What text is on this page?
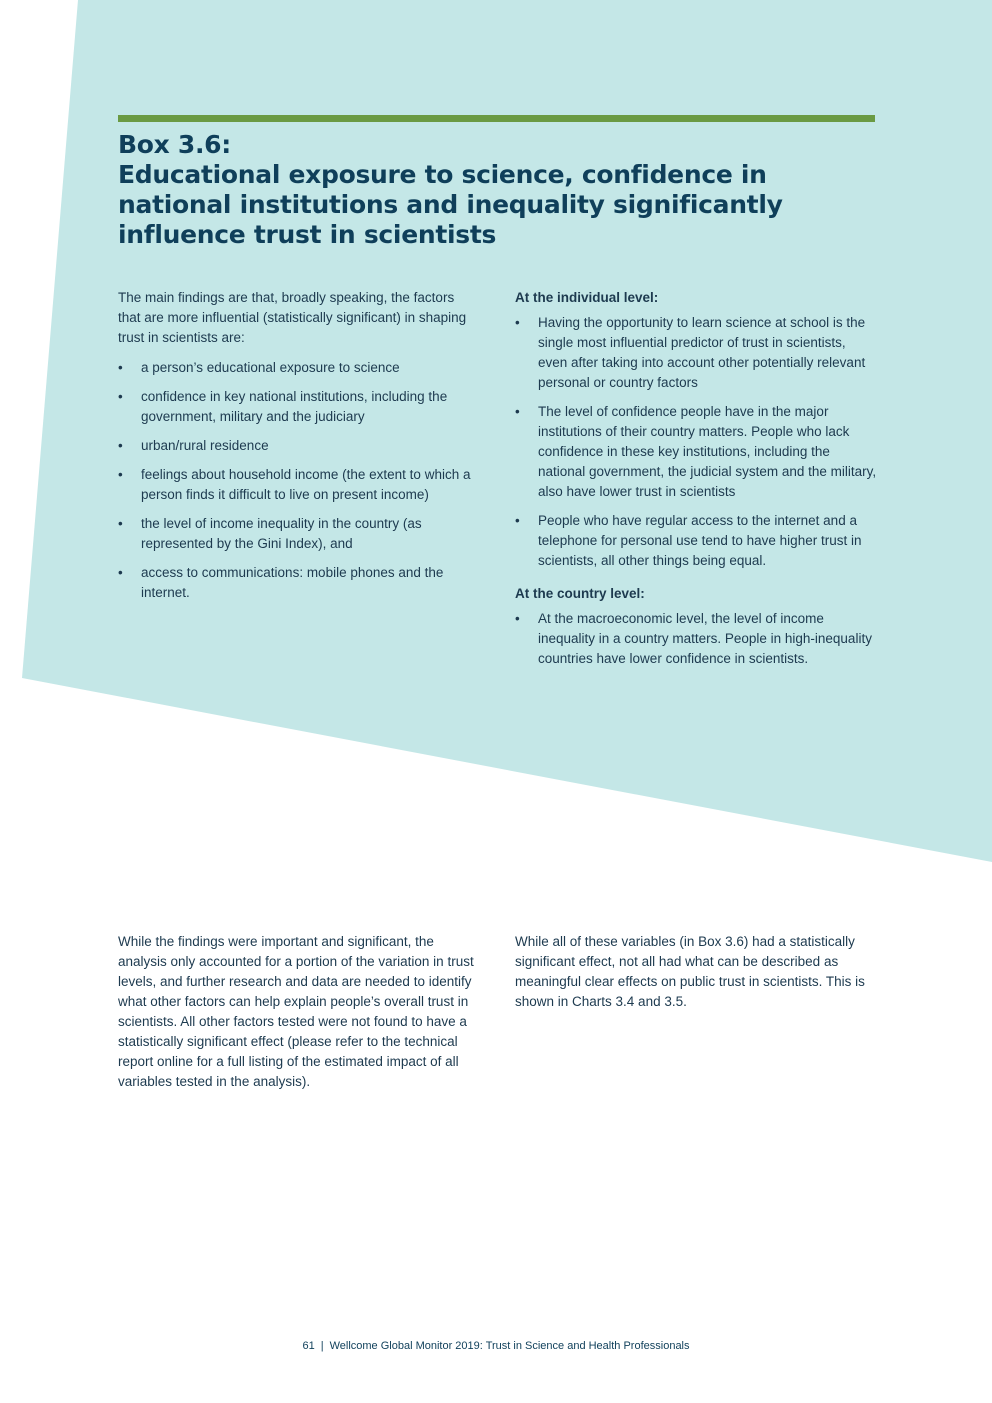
Box 3.6:
Educational exposure to science, confidence in
national institutions and inequality significantly
influence trust in scientists

The main findings are that, broadly speaking, the factors that are more influential (statistically significant) in shaping trust in scientists are:

• a person’s educational exposure to science
• confidence in key national institutions, including the government, military and the judiciary
• urban/rural residence
• feelings about household income (the extent to which a person finds it difficult to live on present income)
• the level of income inequality in the country (as represented by the Gini Index), and
• access to communications: mobile phones and the internet.

At the individual level:

• Having the opportunity to learn science at school is the single most influential predictor of trust in scientists, even after taking into account other potentially relevant personal or country factors
• The level of confidence people have in the major institutions of their country matters. People who lack confidence in these key institutions, including the national government, the judicial system and the military, also have lower trust in scientists
• People who have regular access to the internet and a telephone for personal use tend to have higher trust in scientists, all other things being equal.

At the country level:

• At the macroeconomic level, the level of income inequality in a country matters. People in high-inequality countries have lower confidence in scientists.

While the findings were important and significant, the analysis only accounted for a portion of the variation in trust levels, and further research and data are needed to identify what other factors can help explain people’s overall trust in scientists. All other factors tested were not found to have a statistically significant effect (please refer to the technical report online for a full listing of the estimated impact of all variables tested in the analysis).

While all of these variables (in Box 3.6) had a statistically significant effect, not all had what can be described as meaningful clear effects on public trust in scientists. This is shown in Charts 3.4 and 3.5.

61 | Wellcome Global Monitor 2019: Trust in Science and Health Professionals
